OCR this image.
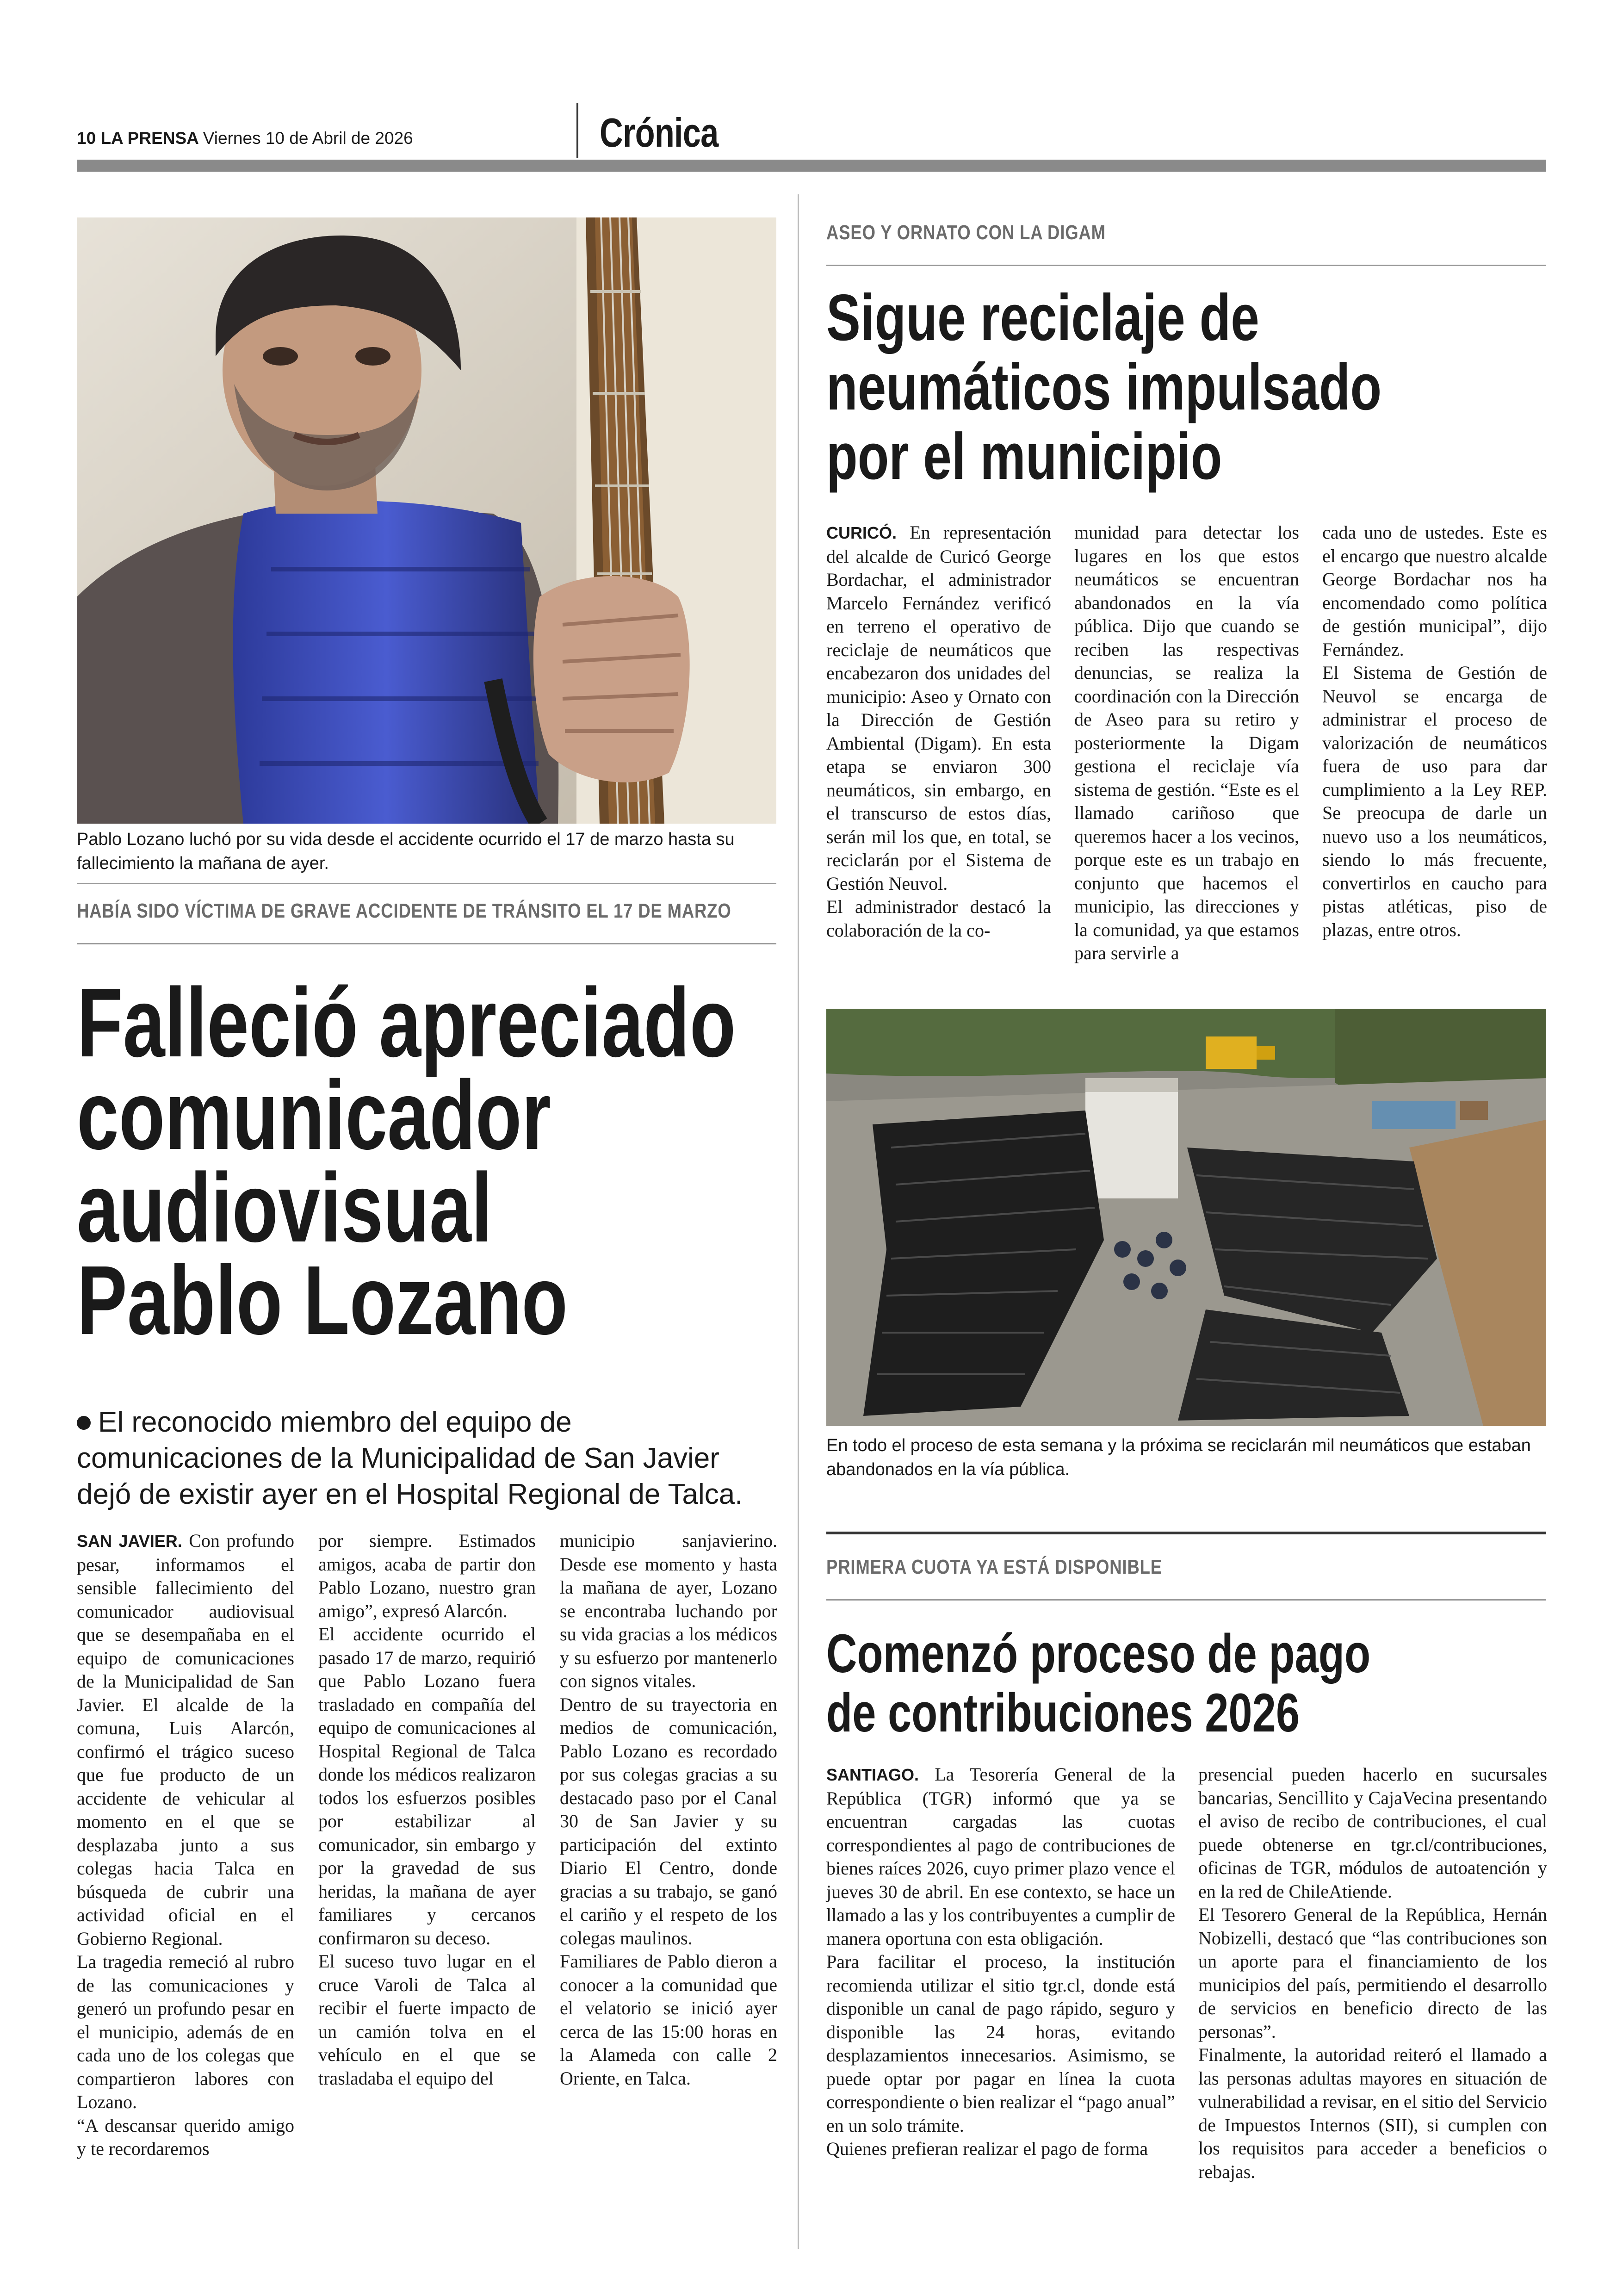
10 LA PRENSA Viernes 10 de Abril de 2026	Crónica
Pablo Lozano luchó por su vida desde el accidente ocurrido el 17 de marzo hasta su fallecimiento la mañana de ayer.
HABÍA SIDO VÍCTIMA DE GRAVE ACCIDENTE DE TRÁNSITO EL 17 DE MARZO
Falleció apreciado
comunicador
audiovisual
Pablo Lozano
El reconocido miembro del equipo de comunicaciones de la Municipalidad de San Javier dejó de existir ayer en el Hospital Regional de Talca.

SAN JAVIER. Con profundo pesar, informamos el sensible fallecimiento del comunicador audiovisual que se desempañaba en el equipo de comunicaciones de la Municipalidad de San Javier. El alcalde de la comuna, Luis Alarcón, confirmó el trágico suceso que fue producto de un accidente de vehicular al momento en el que se desplazaba junto a sus colegas hacia Talca en búsqueda de cubrir una actividad oficial en el Gobierno Regional.

La tragedia remeció al rubro de las comunicaciones y generó un profundo pesar en el municipio, además de en cada uno de los colegas que compartieron labores con Lozano.

“A descansar querido amigo y te recordaremos

por siempre. Estimados amigos, acaba de partir don Pablo Lozano, nuestro gran amigo”, expresó Alarcón.

El accidente ocurrido el pasado 17 de marzo, requirió que Pablo Lozano fuera trasladado en compañía del equipo de comunicaciones al Hospital Regional de Talca donde los médicos realizaron todos los esfuerzos posibles por estabilizar al comunicador, sin embargo y por la gravedad de sus heridas, la mañana de ayer familiares y cercanos confirmaron su deceso.

El suceso tuvo lugar en el cruce Varoli de Talca al recibir el fuerte impacto de un camión tolva en el vehículo en el que se trasladaba el equipo del

municipio sanjavierino. Desde ese momento y hasta la mañana de ayer, Lozano se encontraba luchando por su vida gracias a los médicos y su esfuerzo por mantenerlo con signos vitales.

Dentro de su trayectoria en medios de comunicación, Pablo Lozano es recordado por sus colegas gracias a su destacado paso por el Canal 30 de San Javier y su participación del extinto Diario El Centro, donde gracias a su trabajo, se ganó el cariño y el respeto de los colegas maulinos.

Familiares de Pablo dieron a conocer a la comunidad que el velatorio se inició ayer cerca de las 15:00 horas en la Alameda con calle 2 Oriente, en Talca.

ASEO Y ORNATO CON LA DIGAM
Sigue reciclaje de
neumáticos impulsado
por el municipio

CURICÓ. En representación del alcalde de Curicó George Bordachar, el administrador Marcelo Fernández verificó en terreno el operativo de reciclaje de neumáticos que encabezaron dos unidades del municipio: Aseo y Ornato con la Dirección de Gestión Ambiental (Digam). En esta etapa se enviaron 300 neumáticos, sin embargo, en el transcurso de estos días, serán mil los que, en total, se reciclarán por el Sistema de Gestión Neuvol.

El administrador destacó la colaboración de la co-

munidad para detectar los lugares en los que estos neumáticos se encuentran abandonados en la vía pública. Dijo que cuando se reciben las respectivas denuncias, se realiza la coordinación con la Dirección de Aseo para su retiro y posteriormente la Digam gestiona el reciclaje vía sistema de gestión. “Este es el llamado cariñoso que queremos hacer a los vecinos, porque este es un trabajo en conjunto que hacemos el municipio, las direcciones y la comunidad, ya que estamos para servirle a

cada uno de ustedes. Este es el encargo que nuestro alcalde George Bordachar nos ha encomendado como política de gestión municipal”, dijo Fernández.

El Sistema de Gestión de Neuvol se encarga de administrar el proceso de valorización de neumáticos fuera de uso para dar cumplimiento a la Ley REP. Se preocupa de darle un nuevo uso a los neumáticos, siendo lo más frecuente, convertirlos en caucho para pistas atléticas, piso de plazas, entre otros.

En todo el proceso de esta semana y la próxima se reciclarán mil neumáticos que estaban abandonados en la vía pública.
PRIMERA CUOTA YA ESTÁ DISPONIBLE
Comenzó proceso de pago
de contribuciones 2026

SANTIAGO. La Tesorería General de la República (TGR) informó que ya se encuentran cargadas las cuotas correspondientes al pago de contribuciones de bienes raíces 2026, cuyo primer plazo vence el jueves 30 de abril. En ese contexto, se hace un llamado a las y los contribuyentes a cumplir de manera oportuna con esta obligación.

Para facilitar el proceso, la institución recomienda utilizar el sitio tgr.cl, donde está disponible un canal de pago rápido, seguro y disponible las 24 horas, evitando desplazamientos innecesarios. Asimismo, se puede optar por pagar en línea la cuota correspondiente o bien realizar el “pago anual” en un solo trámite.

Quienes prefieran realizar el pago de forma

presencial pueden hacerlo en sucursales bancarias, Sencillito y CajaVecina presentando el aviso de recibo de contribuciones, el cual puede obtenerse en tgr.cl/contribuciones, oficinas de TGR, módulos de autoatención y en la red de ChileAtiende.

El Tesorero General de la República, Hernán Nobizelli, destacó que “las contribuciones son un aporte para el financiamiento de los municipios del país, permitiendo el desarrollo de servicios en beneficio directo de las personas”.

Finalmente, la autoridad reiteró el llamado a las personas adultas mayores en situación de vulnerabilidad a revisar, en el sitio del Servicio de Impuestos Internos (SII), si cumplen con los requisitos para acceder a beneficios o rebajas.
